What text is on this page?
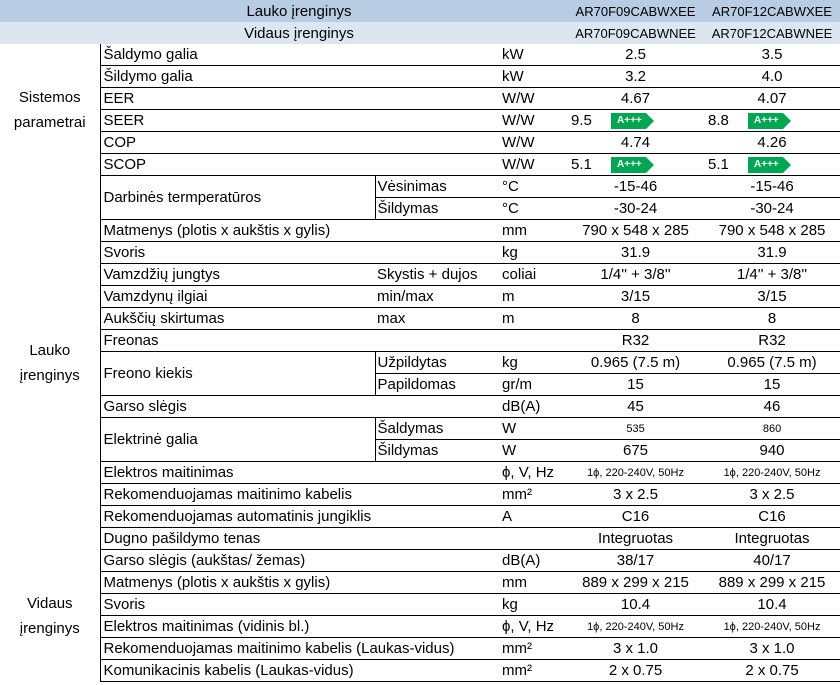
	Lauko įrenginys			AR70F09CABWXEE	AR70F12CABWXEE
	Vidaus įrenginys			AR70F09CABWNEE	AR70F12CABWNEE
Sistemos parametrai	Šaldymo galia		kW	2.5	3.5
	Šildymo galia		kW	3.2	4.0
	EER		W/W	4.67	4.07
	SEER		W/W	9.5 A+++	8.8 A+++

	COP		W/W	4.74	4.26
	SCOP		W/W	5.1 A+++	5.1 A+++

Lauko įrenginys	Darbinės termperatūros	Vėsinimas	°C	-15-46	-15-46
		Šildymas	°C	-30-24	-30-24
	Matmenys (plotis x aukštis x gylis)		mm	790 x 548 x 285	790 x 548 x 285
	Svoris		kg	31.9	31.9
	Vamzdžių jungtys	Skystis + dujos	coliai	1/4'' + 3/8''	1/4'' + 3/8''
	Vamzdynų ilgiai	min/max	m	3/15	3/15
	Aukščių skirtumas	max	m	8	8
	Freonas			R32	R32
	Freono kiekis	Užpildytas	kg	0.965 (7.5 m)	0.965 (7.5 m)
		Papildomas	gr/m	15	15
	Garso slėgis		dB(A)	45	46
	Elektrinė galia	Šaldymas	W	535	860
		Šildymas	W	675	940
	Elektros maitinimas		ϕ, V, Hz	1ϕ, 220-240V, 50Hz	1ϕ, 220-240V, 50Hz
	Rekomenduojamas maitinimo kabelis		mm²	3 x 2.5	3 x 2.5
	Rekomenduojamas automatinis jungiklis		A	C16	C16
	Dugno pašildymo tenas			Integruotas	Integruotas
Vidaus įrenginys	Garso slėgis (aukštas/ žemas)		dB(A)	38/17	40/17
	Matmenys (plotis x aukštis x gylis)		mm	889 x 299 x 215	889 x 299 x 215
	Svoris		kg	10.4	10.4
	Elektros maitinimas (vidinis bl.)		ϕ, V, Hz	1ϕ, 220-240V, 50Hz	1ϕ, 220-240V, 50Hz
	Rekomenduojamas maitinimo kabelis (Laukas-vidus)		mm²	3 x 1.0	3 x 1.0
	Komunikacinis kabelis (Laukas-vidus)		mm²	2 x 0.75	2 x 0.75
